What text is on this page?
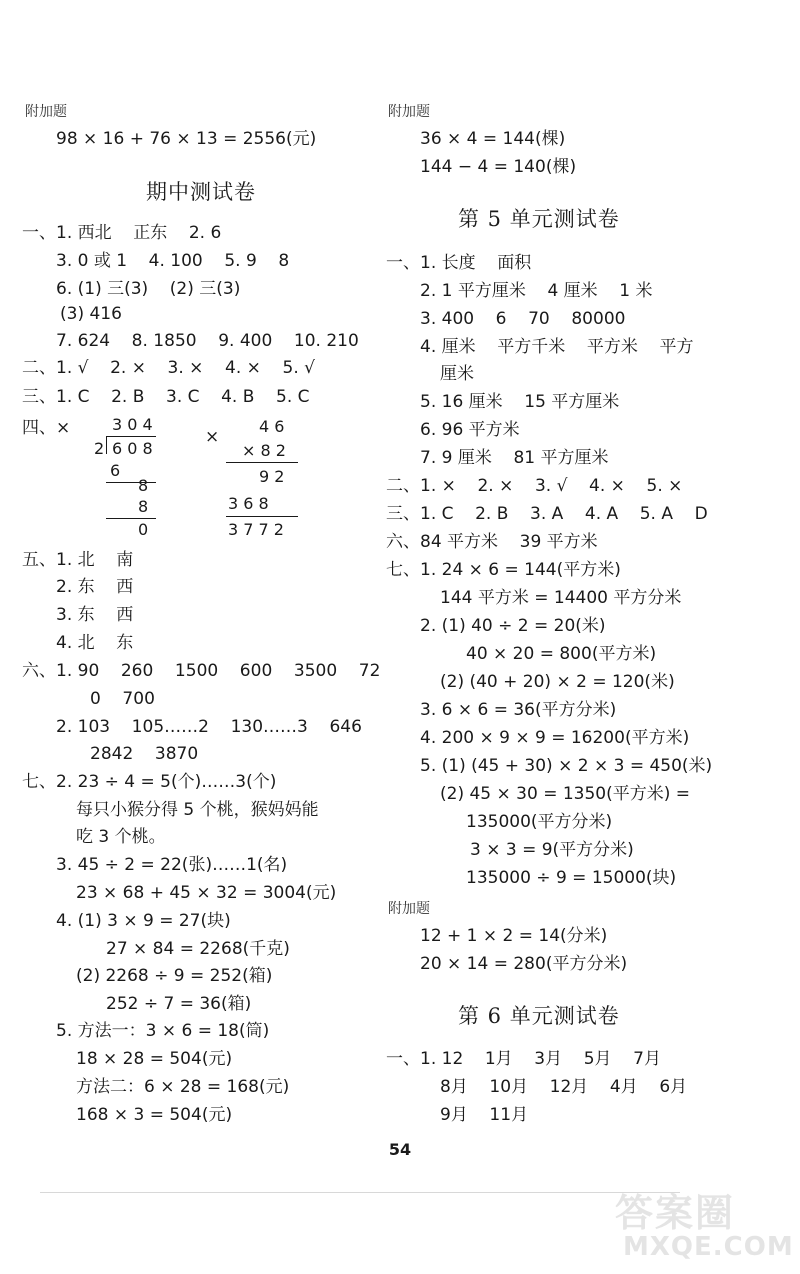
附加题
98 × 16 + 76 × 13 = 2556(元)
期中测试卷
一、1. 西北    正东    2. 6
3. 0 或 1    4. 100    5. 9    8
6. (1) 三(3)    (2) 三(3)
(3) 416
7. 624    8. 1850    9. 400    10. 210
二、1. √    2. ×    3. ×    4. ×    5. √
三、1. C    2. B    3. C    4. B    5. C
四、×	×
3 0 4
2 6 0 8
6
8
8
0
4 6
× 8 2
9 2
3 6 8
3 7 7 2
五、1. 北    南
2. 东    西
3. 东    西
4. 北    东
六、1. 90    260    1500    600    3500    72
0    700
2. 103    105……2    130……3    646
2842    3870
七、2. 23 ÷ 4 = 5(个)……3(个)
每只小猴分得 5 个桃，猴妈妈能
吃 3 个桃。
3. 45 ÷ 2 = 22(张)……1(名)
23 × 68 + 45 × 32 = 3004(元)
4. (1) 3 × 9 = 27(块)
27 × 84 = 2268(千克)
(2) 2268 ÷ 9 = 252(箱)
252 ÷ 7 = 36(箱)
5. 方法一：3 × 6 = 18(筒)
18 × 28 = 504(元)
方法二：6 × 28 = 168(元)
168 × 3 = 504(元)
附加题
36 × 4 = 144(棵)
144 − 4 = 140(棵)
第 5 单元测试卷
一、1. 长度    面积
2. 1 平方厘米    4 厘米    1 米
3. 400    6    70    80000
4. 厘米    平方千米    平方米    平方
厘米
5. 16 厘米    15 平方厘米
6. 96 平方米
7. 9 厘米    81 平方厘米
二、1. ×    2. ×    3. √    4. ×    5. ×
三、1. C    2. B    3. A    4. A    5. A    D
六、84 平方米    39 平方米
七、1. 24 × 6 = 144(平方米)
144 平方米 = 14400 平方分米
2. (1) 40 ÷ 2 = 20(米)
40 × 20 = 800(平方米)
(2) (40 + 20) × 2 = 120(米)
3. 6 × 6 = 36(平方分米)
4. 200 × 9 × 9 = 16200(平方米)
5. (1) (45 + 30) × 2 × 3 = 450(米)
(2) 45 × 30 = 1350(平方米) =
135000(平方分米)
3 × 3 = 9(平方分米)
135000 ÷ 9 = 15000(块)
附加题
12 + 1 × 2 = 14(分米)
20 × 14 = 280(平方分米)
第 6 单元测试卷
一、1. 12    1月    3月    5月    7月
8月    10月    12月    4月    6月
9月    11月
54
答案圈
MXQE.COM
